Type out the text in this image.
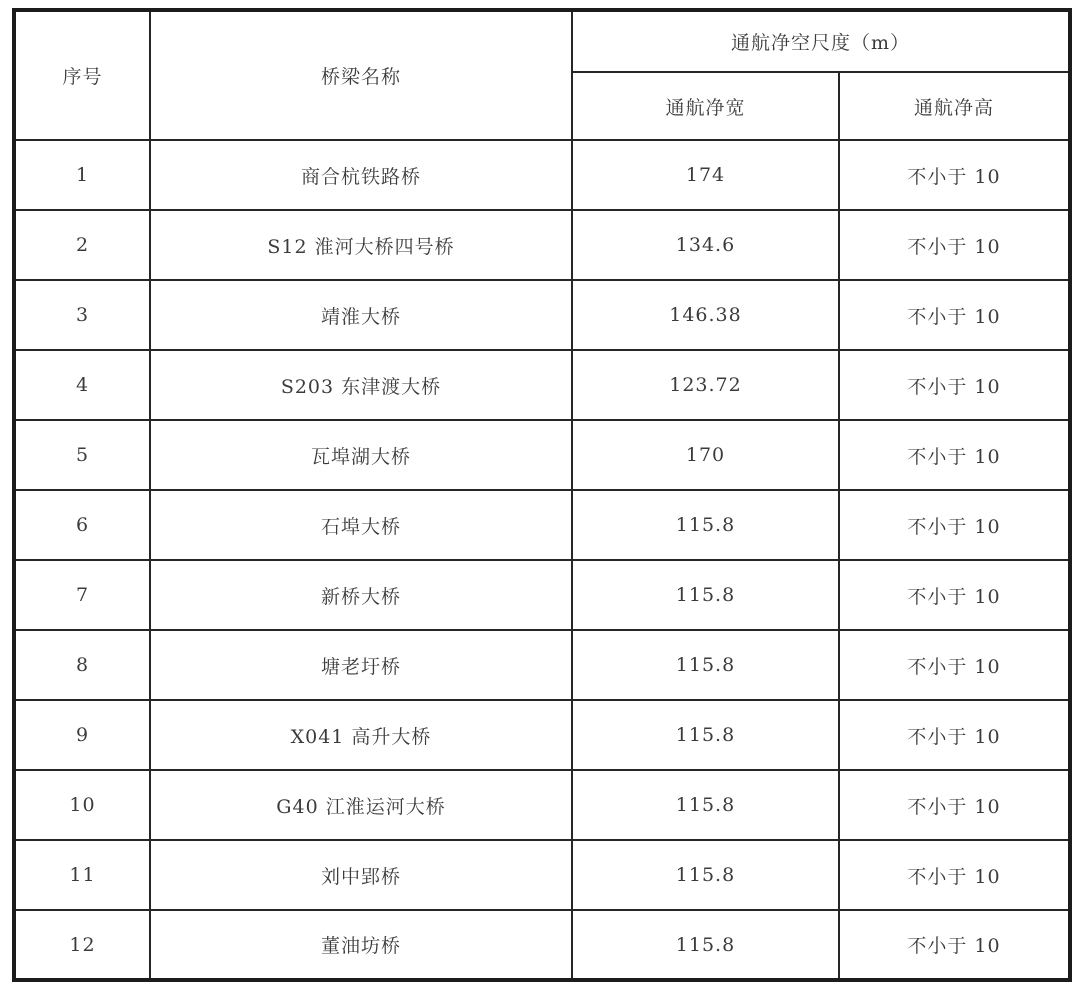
序号	桥梁名称	通航净空尺度（m）	
		通航净宽	通航净高
1	商合杭铁路桥	174	不小于 10
2	S12 淮河大桥四号桥	134.6	不小于 10
3	靖淮大桥	146.38	不小于 10
4	S203 东津渡大桥	123.72	不小于 10
5	瓦埠湖大桥	170	不小于 10
6	石埠大桥	115.8	不小于 10
7	新桥大桥	115.8	不小于 10
8	塘老圩桥	115.8	不小于 10
9	X041 高升大桥	115.8	不小于 10
10	G40 江淮运河大桥	115.8	不小于 10
11	刘中郢桥	115.8	不小于 10
12	董油坊桥	115.8	不小于 10
